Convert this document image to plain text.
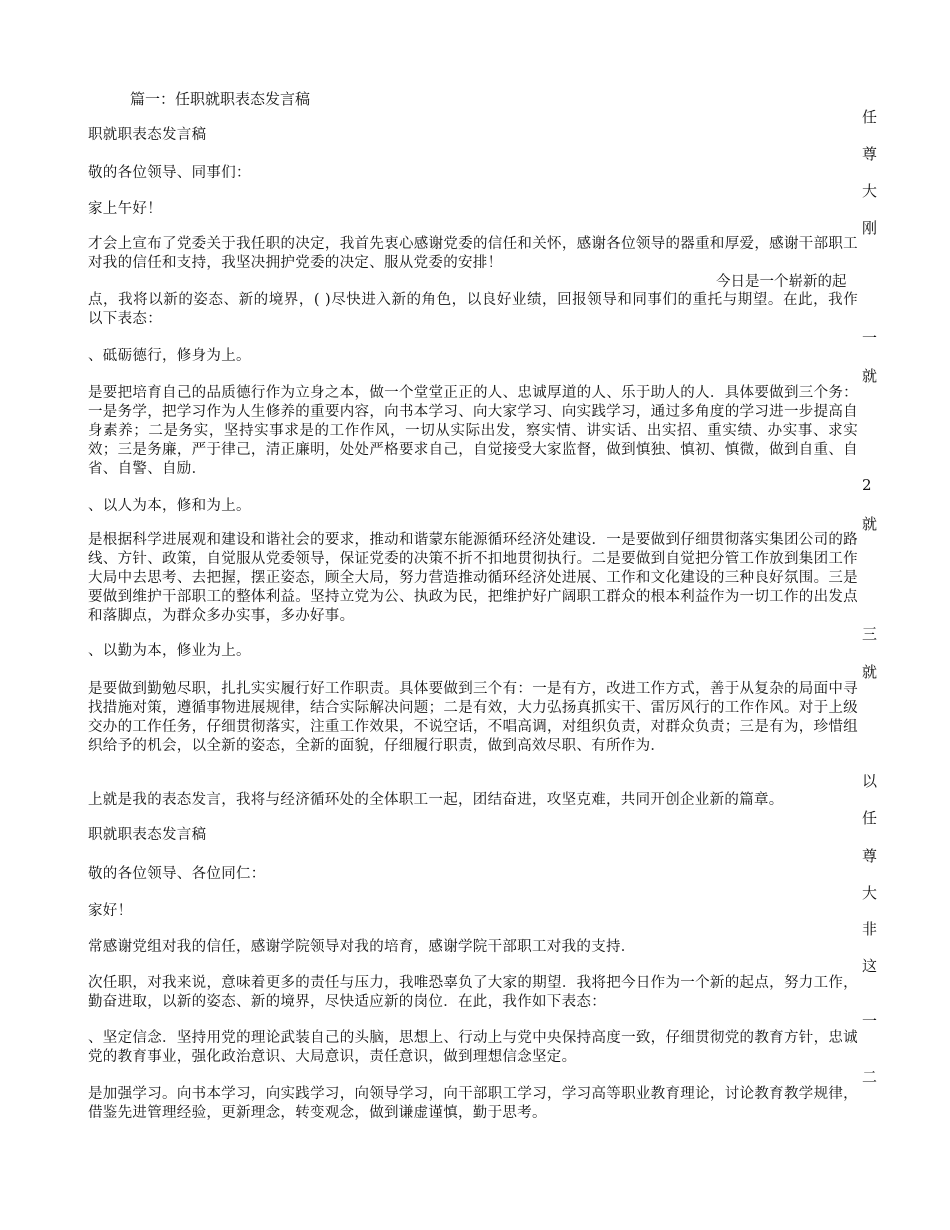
篇一：任职就职表态发言稿
职就职表态发言稿
敬的各位领导、同事们：
家上午好！
才会上宣布了党委关于我任职的决定，我首先衷心感谢党委的信任和关怀，感谢各位领导的器重和厚爱，感谢干部职工对我的信任和支持，我坚决拥护党委的决定、服从党委的安排！
今日是一个崭新的起
点，我将以新的姿态、新的境界，( )尽快进入新的角色，以良好业绩，回报领导和同事们的重托与期望。在此，我作以下表态：
、砥砺德行，修身为上。
是要把培育自己的品质德行作为立身之本，做一个堂堂正正的人、忠诚厚道的人、乐于助人的人．具体要做到三个务：一是务学，把学习作为人生修养的重要内容，向书本学习、向大家学习、向实践学习，通过多角度的学习进一步提高自身素养；二是务实，坚持实事求是的工作作风，一切从实际出发，察实情、讲实话、出实招、重实绩、办实事、求实效；三是务廉，严于律己，清正廉明，处处严格要求自己，自觉接受大家监督，做到慎独、慎初、慎微，做到自重、自省、自警、自励．
、以人为本，修和为上。
是根据科学进展观和建设和谐社会的要求，推动和谐蒙东能源循环经济处建设．一是要做到仔细贯彻落实集团公司的路线、方针、政策，自觉服从党委领导，保证党委的决策不折不扣地贯彻执行。二是要做到自觉把分管工作放到集团工作大局中去思考、去把握，摆正姿态，顾全大局，努力营造推动循环经济处进展、工作和文化建设的三种良好氛围。三是要做到维护干部职工的整体利益。坚持立党为公、执政为民，把维护好广阔职工群众的根本利益作为一切工作的出发点和落脚点，为群众多办实事，多办好事。
、以勤为本，修业为上。
是要做到勤勉尽职，扎扎实实履行好工作职责。具体要做到三个有：一是有方，改进工作方式，善于从复杂的局面中寻找措施对策，遵循事物进展规律，结合实际解决问题；二是有效，大力弘扬真抓实干、雷厉风行的工作作风。对于上级交办的工作任务，仔细贯彻落实，注重工作效果，不说空话，不唱高调，对组织负责，对群众负责；三是有为，珍惜组织给予的机会，以全新的姿态，全新的面貌，仔细履行职责，做到高效尽职、有所作为．
上就是我的表态发言，我将与经济循环处的全体职工一起，团结奋进，攻坚克难，共同开创企业新的篇章。
职就职表态发言稿
敬的各位领导、各位同仁：
家好！
常感谢党组对我的信任，感谢学院领导对我的培育，感谢学院干部职工对我的支持．
次任职，对我来说，意味着更多的责任与压力，我唯恐辜负了大家的期望．我将把今日作为一个新的起点，努力工作，勤奋进取，以新的姿态、新的境界，尽快适应新的岗位．在此，我作如下表态：
、坚定信念．坚持用党的理论武装自己的头脑，思想上、行动上与党中央保持高度一致，仔细贯彻党的教育方针，忠诚党的教育事业，强化政治意识、大局意识，责任意识，做到理想信念坚定。
是加强学习。向书本学习，向实践学习，向领导学习，向干部职工学习，学习高等职业教育理论，讨论教育教学规律，借鉴先进管理经验，更新理念，转变观念，做到谦虚谨慎，勤于思考。
任
尊
大
刚
一
就
2
就
三
就
以
任
尊
大
非
这
一
二
